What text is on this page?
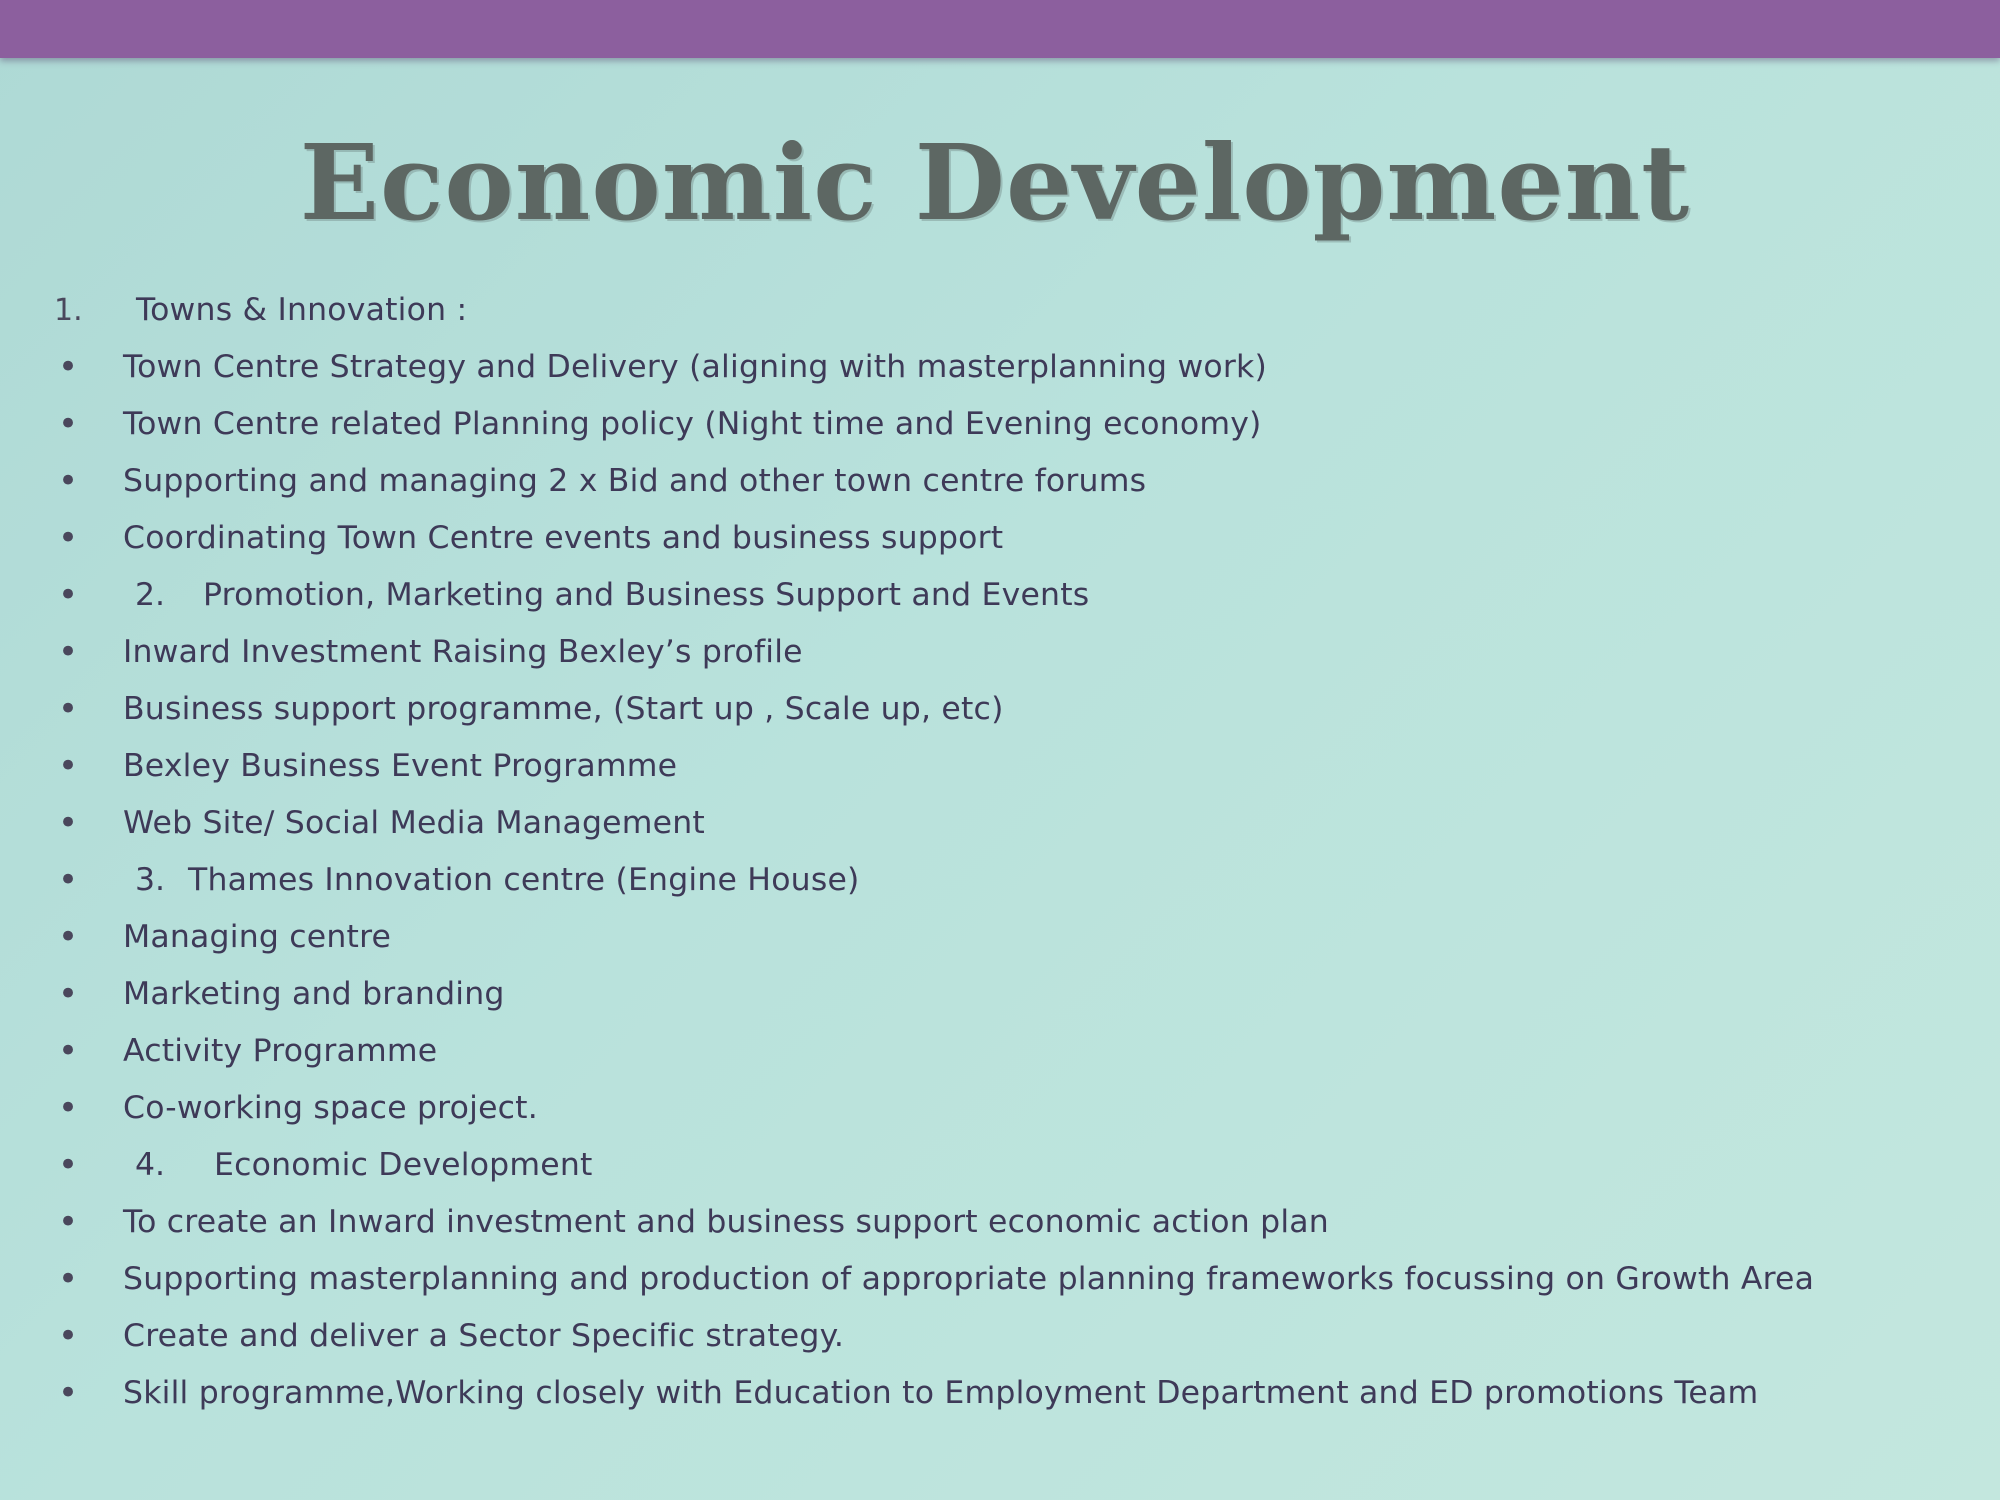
Economic Development
1. Towns & Innovation :
• Town Centre Strategy and Delivery (aligning with masterplanning work)
• Town Centre related Planning policy (Night time and Evening economy)
• Supporting and managing 2 x Bid and other town centre forums
• Coordinating Town Centre events and business support
• 2. Promotion, Marketing and Business Support and Events
• Inward Investment Raising Bexley’s profile
• Business support programme, (Start up , Scale up, etc)
• Bexley Business Event Programme
• Web Site/ Social Media Management
• 3. Thames Innovation centre (Engine House)
• Managing centre
• Marketing and branding
• Activity Programme
• Co-working space project.
• 4. Economic Development
• To create an Inward investment and business support economic action plan
• Supporting masterplanning and production of appropriate planning frameworks focussing on Growth Area
• Create and deliver a Sector Specific strategy.
• Skill programme,Working closely with Education to Employment Department and ED promotions Team
